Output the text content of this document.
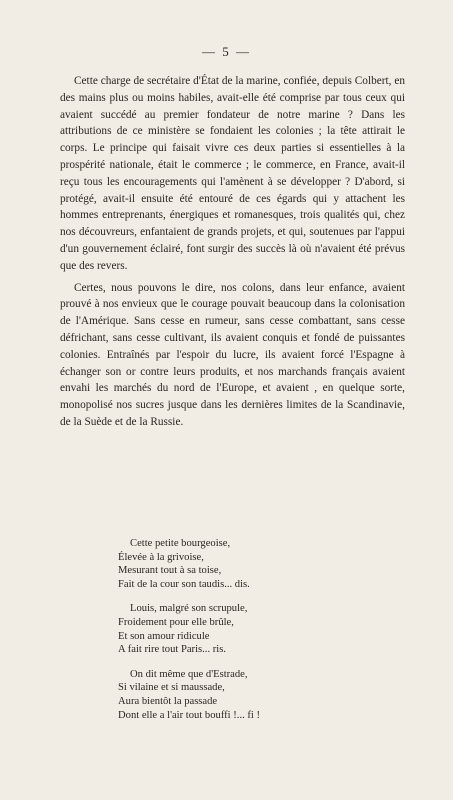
— 5 —

Cette charge de secrétaire d'État de la marine, confiée, depuis Colbert, en des mains plus ou moins habiles, avait-elle été comprise par tous ceux qui avaient succédé au premier fondateur de notre marine ? Dans les attributions de ce ministère se fondaient les colonies ; la tête attirait le corps. Le principe qui faisait vivre ces deux parties si essentielles à la prospérité nationale, était le commerce ; le commerce, en France, avait-il reçu tous les encouragements qui l'amènent à se développer ? D'abord, si protégé, avait-il ensuite été entouré de ces égards qui y attachent les hommes entreprenants, énergiques et romanesques, trois qualités qui, chez nos découvreurs, enfantaient de grands projets, et qui, soutenues par l'appui d'un gouvernement éclairé, font surgir des succès là où n'avaient été prévus que des revers.

Certes, nous pouvons le dire, nos colons, dans leur enfance, avaient prouvé à nos envieux que le courage pouvait beaucoup dans la colonisation de l'Amérique. Sans cesse en rumeur, sans cesse combattant, sans cesse défrichant, sans cesse cultivant, ils avaient conquis et fondé de puissantes colonies. Entraînés par l'espoir du lucre, ils avaient forcé l'Espagne à échanger son or contre leurs produits, et nos marchands français avaient envahi les marchés du nord de l'Europe, et avaient , en quelque sorte, monopolisé nos sucres jusque dans les dernières limites de la Scandinavie, de la Suède et de la Russie.

Cette petite bourgeoise,
Élevée à la grivoise,
Mesurant tout à sa toise,
Fait de la cour son taudis... dis.
Louis, malgré son scrupule,
Froidement pour elle brûle,
Et son amour ridicule
A fait rire tout Paris... ris.
On dit même que d'Estrade,
Si vilaine et si maussade,
Aura bientôt la passade
Dont elle a l'air tout bouffi !... fi !
